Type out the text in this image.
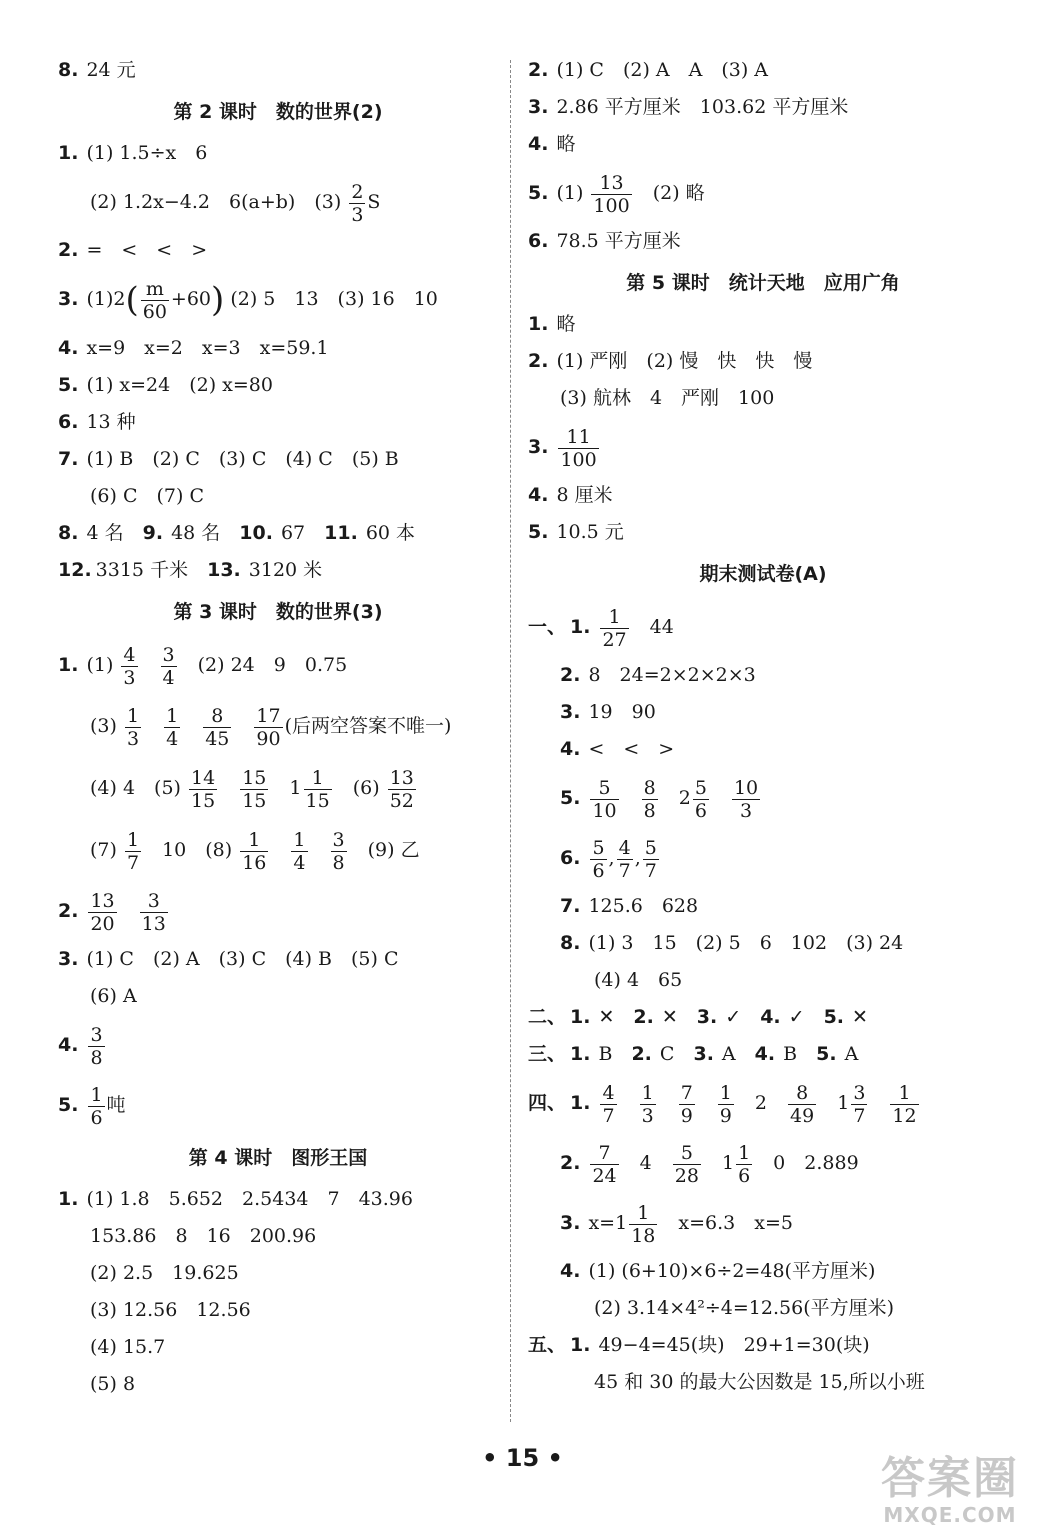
8. 24 元
第 2 课时　数的世界(2)
1. (1) 1.5÷x　6
(2) 1.2x−4.2　6(a+b)　$(3) \frac{2}{3}$ S
2. =　<　<　>
3. $(1)2( \frac{m}{60} +60)$ (2) 5　13　(3) 16　10
4. x=9　x=2　x=3　x=59.1
5. (1) x=24　(2) x=80
6. 13 种
7. (1) B　(2) C　(3) C　(4) C　(5) B
(6) C　(7) C
8. 4 名　 9. 48 名　 10. 67　 11. 60 本
12. 3315 千米　 13. 3120 米
第 3 课时　数的世界(3)
1. $(1) \frac{4}{3}$
　 $\frac{3}{4}$
　 (2) 24　9　0.75
$(3) \frac{1}{3}$
　 $\frac{1}{4}$
　 $\frac{8}{45}$
　 $\frac{17}{90}$ (后两空答案不唯一)
(4) 4　$(5) \frac{14}{15}$
　 $\frac{15}{15}$
　 $1 \frac{1}{15}$
　 $(6) \frac{13}{52}$
$(7) \frac{1}{7}$
　 10　$(8) \frac{1}{16}$
　 $\frac{1}{4}$
　 $\frac{3}{8}$
　 (9) 乙
2. $\frac{13}{20}$
　 $\frac{3}{13}$
3. (1) C　(2) A　(3) C　(4) B　(5) C
(6) A
4. $\frac{3}{8}$
5. $\frac{1}{6}$ 吨
第 4 课时　图形王国
1. (1) 1.8　5.652　2.5434　7　43.96
153.86　8　16　200.96
(2) 2.5　19.625
(3) 12.56　12.56
(4) 15.7
(5) 8
2. (1) C　(2) A　A　(3) A
3. 2.86 平方厘米　103.62 平方厘米
4. 略
5. $(1) \frac{13}{100}$
　 (2) 略
6. 78.5 平方厘米
第 5 课时　统计天地　应用广角
1. 略
2. (1) 严刚　(2) 慢　快　快　慢
(3) 航林　4　严刚　100
3. $\frac{11}{100}$
4. 8 厘米
5. 10.5 元
期末测试卷(A)
一、 1. $\frac{1}{27}$
　 44
2. 8　24=2×2×2×3
3. 19　90
4. <　<　>
5. $\frac{5}{10}$
　 $\frac{8}{8}$
　 $2 \frac{5}{6}$
　 $\frac{10}{3}$
6. $\frac{5}{6}$ , $\frac{4}{7}$ , $\frac{5}{7}$
7. 125.6　628
8. (1) 3　15　(2) 5　6　102　(3) 24
(4) 4　65
二、 1. ✕　 2. ✕　 3. ✓　 4. ✓　 5. ✕
三、 1. B　 2. C　 3. A　 4. B　 5. A
四、 1. $\frac{4}{7}$
　 $\frac{1}{3}$
　 $\frac{7}{9}$
　 $\frac{1}{9}$
　 2　 $\frac{8}{49}$
　 $1 \frac{3}{7}$
　 $\frac{1}{12}$
2. $\frac{7}{24}$
　 4　 $\frac{5}{28}$
　 $1 \frac{1}{6}$
　 0　2.889
3. $x=1 \frac{1}{18}$
　 x=6.3　x=5
4. (1) (6+10)×6÷2=48(平方厘米)
(2) 3.14×4²÷4=12.56(平方厘米)
五、 1. 49−4=45(块)　29+1=30(块)
45 和 30 的最大公因数是 15,所以小班
• 15 •	答案圈
MXQE.COM
